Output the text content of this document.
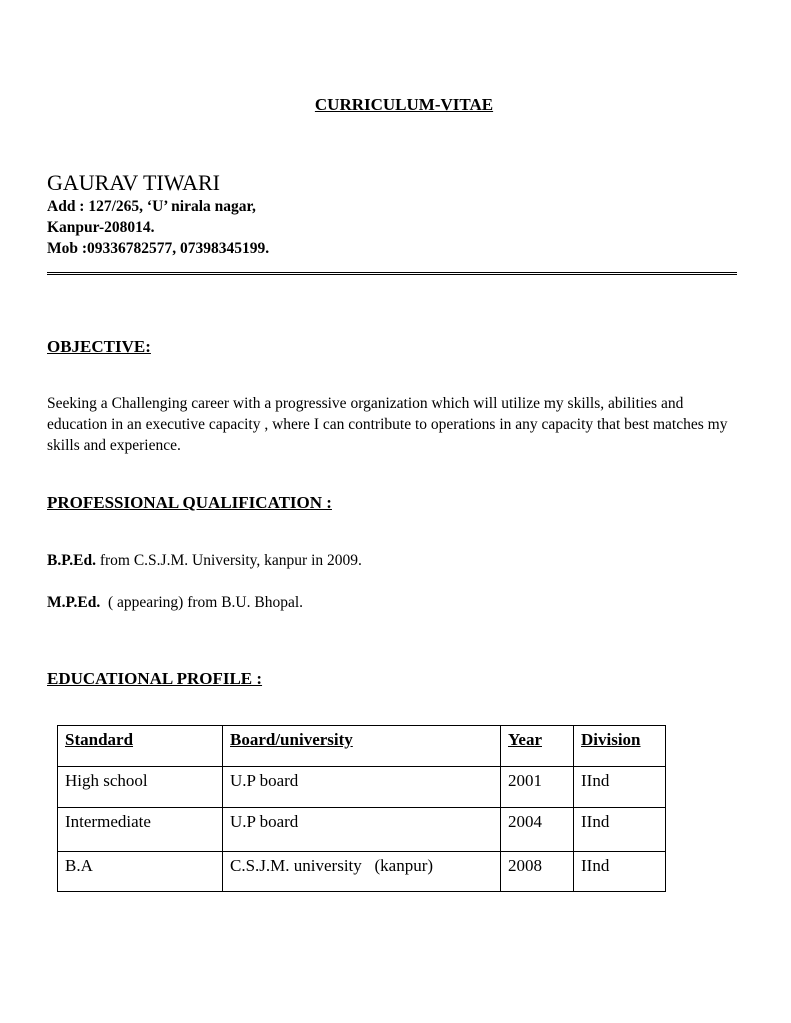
CURRICULUM-VITAE
GAURAV TIWARI
Add : 127/265, ‘U’ nirala nagar,
Kanpur-208014.
Mob :09336782577, 07398345199.
OBJECTIVE:
Seeking a Challenging career with a progressive organization which will utilize my skills, abilities and education in an executive capacity , where I can contribute to operations in any capacity that best matches my skills and experience.
PROFESSIONAL QUALIFICATION :
B.P.Ed. from C.S.J.M. University, kanpur in 2009.
M.P.Ed.  ( appearing) from B.U. Bhopal.
EDUCATIONAL PROFILE :
Standard	Board/university	Year	Division
High school	U.P board	2001	IInd
Intermediate	U.P board	2004	IInd
B.A	C.S.J.M. university   (kanpur)	2008	IInd
